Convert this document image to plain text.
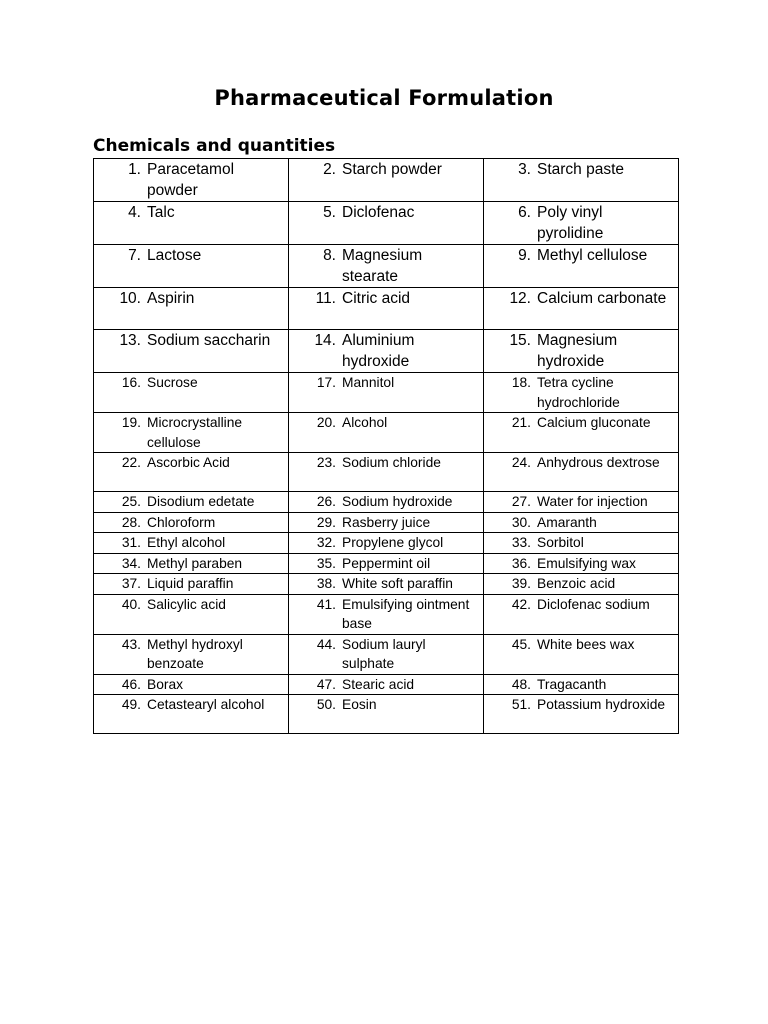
Pharmaceutical Formulation
Chemicals and quantities
1. Paracetamol powder	2. Starch powder	3. Starch paste

4. Talc	5. Diclofenac	6. Poly vinyl pyrolidine

7. Lactose	8. Magnesium stearate	9. Methyl cellulose

10. Aspirin	11. Citric acid	12. Calcium carbonate

13. Sodium saccharin	14. Aluminium hydroxide	15. Magnesium hydroxide

16. Sucrose	17. Mannitol	18. Tetra cycline hydrochloride

19. Microcrystalline cellulose	20. Alcohol	21. Calcium gluconate

22. Ascorbic Acid	23. Sodium chloride	24. Anhydrous dextrose

25. Disodium edetate	26. Sodium hydroxide	27. Water for injection

28. Chloroform	29. Rasberry juice	30. Amaranth

31. Ethyl alcohol	32. Propylene glycol	33. Sorbitol

34. Methyl paraben	35. Peppermint oil	36. Emulsifying wax

37. Liquid paraffin	38. White soft paraffin	39. Benzoic acid

40. Salicylic acid	41. Emulsifying ointment base	42. Diclofenac sodium

43. Methyl hydroxyl benzoate	44. Sodium lauryl sulphate	45. White bees wax

46. Borax	47. Stearic acid	48. Tragacanth

49. Cetastearyl alcohol	50. Eosin	51. Potassium hydroxide
